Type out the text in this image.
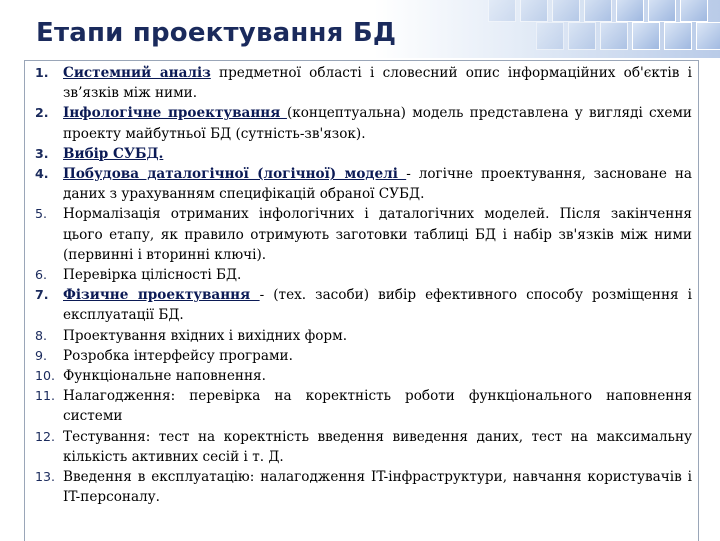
Етапи проектування БД
1.	Системний аналіз предметної області і словесний опис інформаційних об'єктів і зв’язків між ними.
2.	Інфологічне проектування (концептуальна) модель представлена у вигляді схеми проекту майбутньої БД (сутність-зв'язок).
3.	Вибір СУБД.
4.	Побудова даталогічної (логічної) моделі - логічне проектування, засноване на даних з урахуванням специфікацій обраної СУБД.
5.	Нормалізація отриманих інфологічних і даталогічних моделей. Після закінчення цього етапу, як правило отримують заготовки таблиці БД і набір зв'язків між ними (первинні і вторинні ключі).
6.	Перевірка цілісності БД.
7.	Фізичне проектування - (тех. засоби) вибір ефективного способу розміщення і експлуатації БД.
8.	Проектування вхідних і вихідних форм.
9.	Розробка інтерфейсу програми.
10. Функціональне наповнення.
11. Налагодження: перевірка на коректність роботи функціонального наповнення системи
12. Тестування: тест на коректність введення виведення даних, тест на максимальну кількість активних сесій і т. Д.
13. Введення в експлуатацію: налагодження IT-інфраструктури, навчання користувачів і IT-персоналу.
